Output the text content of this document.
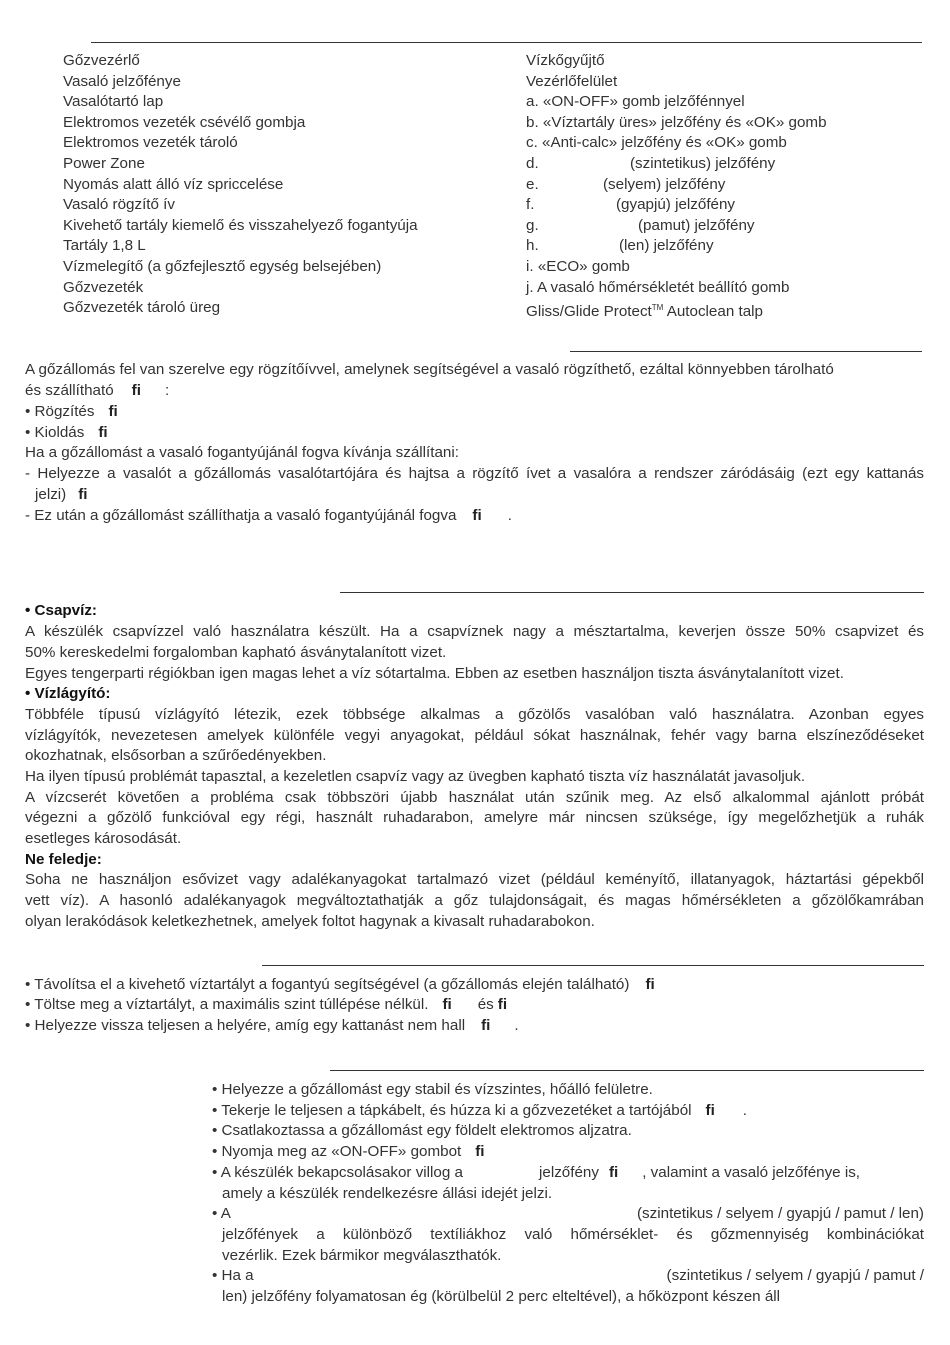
Gőzvezérlő
Vasaló jelzőfénye
Vasalótartó lap
Elektromos vezeték csévélő gombja
Elektromos vezeték tároló
Power Zone
Nyomás alatt álló víz spriccelése
Vasaló rögzítő ív
Kivehető tartály kiemelő és visszahelyező fogantyúja
Tartály 1,8 L
Vízmelegítő (a gőzfejlesztő egység belsejében)
Gőzvezeték
Gőzvezeték tároló üreg
Vízkőgyűjtő
Vezérlőfelület
a. «ON-OFF» gomb jelzőfénnyel
b. «Víztartály üres» jelzőfény és «OK» gomb
c. «Anti-calc» jelzőfény és «OK» gomb
d.	(szintetikus) jelzőfény
e.	(selyem) jelzőfény
f.	(gyapjú) jelzőfény
g.	(pamut) jelzőfény
h.	(len) jelzőfény
i. «ECO» gomb
j. A vasaló hőmérsékletét beállító gomb
Gliss/Glide Protect™ Autoclean talp
A gőzállomás fel van szerelve egy rögzítőívvel, amelynek segítségével a vasaló rögzíthető, ezáltal könnyebben tárolható
és szállítható fi :
• Rögzítés fi
• Kioldás fi
Ha a gőzállomást a vasaló fogantyújánál fogva kívánja szállítani:
- Helyezze a vasalót a gőzállomás vasalótartójára és hajtsa a rögzítő ívet a vasalóra a rendszer záródásáig (ezt egy kattanás
jelzi) fi
- Ez után a gőzállomást szállíthatja a vasaló fogantyújánál fogva fi .
• Csapvíz:
A készülék csapvízzel való használatra készült. Ha a csapvíznek nagy a mésztartalma, keverjen össze 50% csapvizet és
50% kereskedelmi forgalomban kapható ásványtalanított vizet.
Egyes tengerparti régiókban igen magas lehet a víz sótartalma. Ebben az esetben használjon tiszta ásványtalanított vizet.
• Vízlágyító:
Többféle típusú vízlágyító létezik, ezek többsége alkalmas a gőzölős vasalóban való használatra. Azonban egyes
vízlágyítók, nevezetesen amelyek különféle vegyi anyagokat, például sókat használnak, fehér vagy barna elszíneződéseket
okozhatnak, elsősorban a szűrőedényekben.
Ha ilyen típusú problémát tapasztal, a kezeletlen csapvíz vagy az üvegben kapható tiszta víz használatát javasoljuk.
A vízcserét követően a probléma csak többszöri újabb használat után szűnik meg. Az első alkalommal ajánlott próbát
végezni a gőzölő funkcióval egy régi, használt ruhadarabon, amelyre már nincsen szüksége, így megelőzhetjük a ruhák
esetleges károsodását.
Ne feledje:
Soha ne használjon esővizet vagy adalékanyagokat tartalmazó vizet (például keményítő, illatanyagok, háztartási gépekből
vett víz). A hasonló adalékanyagok megváltoztathatják a gőz tulajdonságait, és magas hőmérsékleten a gőzölőkamrában
olyan lerakódások keletkezhetnek, amelyek foltot hagynak a kivasalt ruhadarabokon.
• Távolítsa el a kivehető víztartályt a fogantyú segítségével (a gőzállomás elején található) fi
• Töltse meg a víztartályt, a maximális szint túllépése nélkül. fi és fi
• Helyezze vissza teljesen a helyére, amíg egy kattanást nem hall fi .
• Helyezze a gőzállomást egy stabil és vízszintes, hőálló felületre.
• Tekerje le teljesen a tápkábelt, és húzza ki a gőzvezetéket a tartójából fi .
• Csatlakoztassa a gőzállomást egy földelt elektromos aljzatra.
• Nyomja meg az «ON-OFF» gombot fi
• A készülék bekapcsolásakor villog a	jelzőfény fi , valamint a vasaló jelzőfénye is,
amely a készülék rendelkezésre állási idejét jelzi.
• A	(szintetikus / selyem / gyapjú / pamut / len)
jelzőfények a különböző textíliákhoz való hőmérséklet- és gőzmennyiség kombinációkat
vezérlik. Ezek bármikor megválaszthatók.
• Ha a	(szintetikus / selyem / gyapjú / pamut /
len) jelzőfény folyamatosan ég (körülbelül 2 perc elteltével), a hőközpont készen áll
